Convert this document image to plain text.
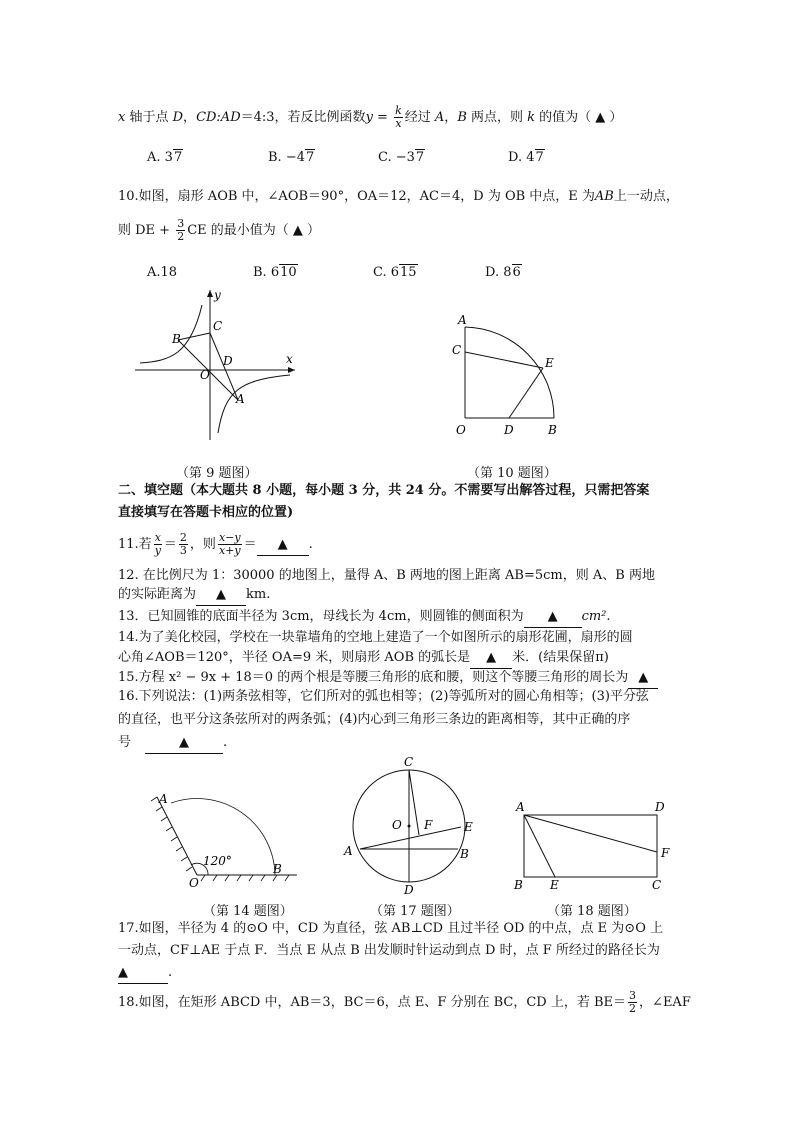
x 轴于点 D，CD:AD＝4:3，若反比例函数$y = \frac{k}{x}$ 经过 A，B 两点，则 k 的值为（ ▲ ）
A. 37	B. −47	C. −37	D. 47
10.如图，扇形 AOB 中，∠AOB＝90°，OA＝12，AC＝4，D 为 OB 中点，E 为AB上一动点，
则 DE + $\frac{3}{2}$ CE 的最小值为（ ▲ ）
A.18	B. 610	C. 615	D. 86
y
x
B
C
D
O
A
（第 9 题图）
A
C
E
O	D	B
（第 10 题图）
二、填空题（本大题共 8 小题，每小题 3 分，共 24 分。不需要写出解答过程，只需把答案
直接填写在答题卡相应的位置)
11.若 $\frac{x}{y} = \frac{2}{3}$ ，则 $\frac{x-y}{x+y}$ ＝ ▲ .
12. 在比例尺为 1：30000 的地图上，量得 A、B 两地的图上距离 AB=5cm，则 A、B 两地
的实际距离为 ▲ km.
13．已知圆锥的底面半径为 3cm，母线长为 4cm，则圆锥的侧面积为 ▲ cm².
14.为了美化校园，学校在一块靠墙角的空地上建造了一个如图所示的扇形花圃，扇形的圆
心角∠AOB＝120°，半径 OA=9 米，则扇形 AOB 的弧长是 ▲ 米．(结果保留π)
15.方程 x² − 9x + 18＝0 的两个根是等腰三角形的底和腰，则这个等腰三角形的周长为 ▲
16.下列说法：(1)两条弦相等，它们所对的弧也相等；(2)等弧所对的圆心角相等；(3)平分弦
的直径，也平分这条弦所对的两条弧；(4)内心到三角形三条边的距离相等，其中正确的序
号	▲	.
A
O
B
120°
（第 14 题图）
C
O F	E
A	B
D
（第 17 题图）
A	D
F
B E	C
（第 18 题图）
17.如图，半径为 4 的⊙O 中，CD 为直径，弦 AB⊥CD 且过半径 OD 的中点，点 E 为⊙O 上
一动点，CF⊥AE 于点 F．当点 E 从点 B 出发顺时针运动到点 D 时，点 F 所经过的路径长为
▲	.
18.如图，在矩形 ABCD 中，AB＝3，BC＝6，点 E、F 分别在 BC，CD 上，若 $BE= \frac{3}{2}$ ，∠EAF
